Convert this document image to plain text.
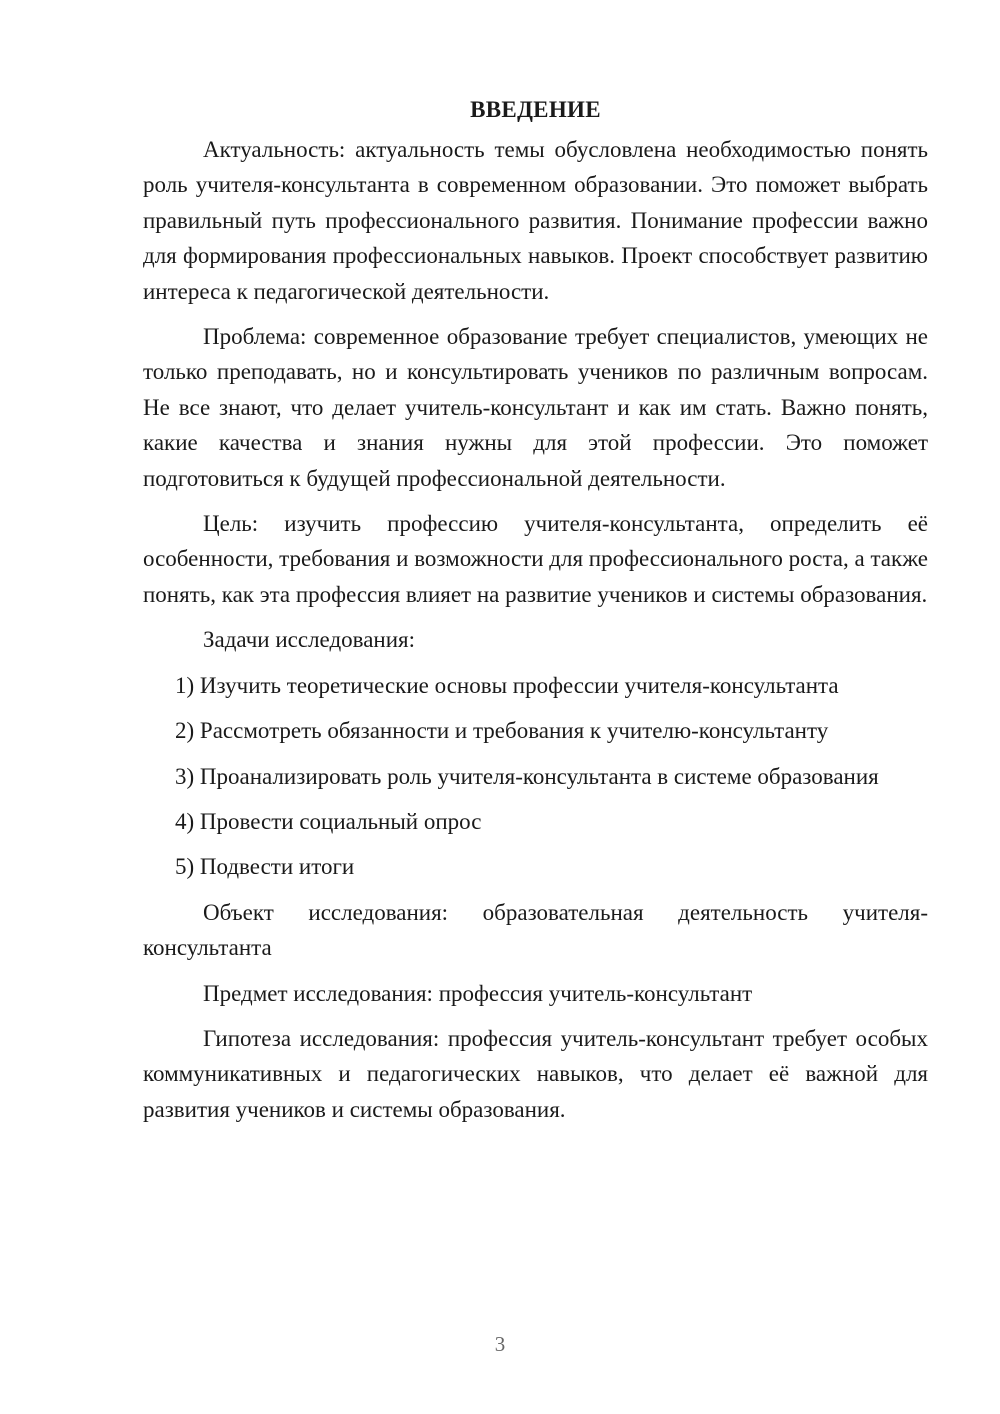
ВВЕДЕНИЕ

Актуальность: актуальность темы обусловлена необходимостью понять роль учителя-консультанта в современном образовании. Это поможет выбрать правильный путь профессионального развития. Понимание профессии важно для формирования профессиональных навыков. Проект способствует развитию интереса к педагогической деятельности.

Проблема: современное образование требует специалистов, умеющих не только преподавать, но и консультировать учеников по различным вопросам. Не все знают, что делает учитель-консультант и как им стать. Важно понять, какие качества и знания нужны для этой профессии. Это поможет подготовиться к будущей профессиональной деятельности.

Цель: изучить профессию учителя-консультанта, определить её особенности, требования и возможности для профессионального роста, а также понять, как эта профессия влияет на развитие учеников и системы образования.

Задачи исследования:

1) Изучить теоретические основы профессии учителя-консультанта

2) Рассмотреть обязанности и требования к учителю-консультанту

3) Проанализировать роль учителя-консультанта в системе образования

4) Провести социальный опрос

5) Подвести итоги

Объект исследования: образовательная деятельность учителя-консультанта

Предмет исследования: профессия учитель-консультант

Гипотеза исследования: профессия учитель-консультант требует особых коммуникативных и педагогических навыков, что делает её важной для развития учеников и системы образования.

3
